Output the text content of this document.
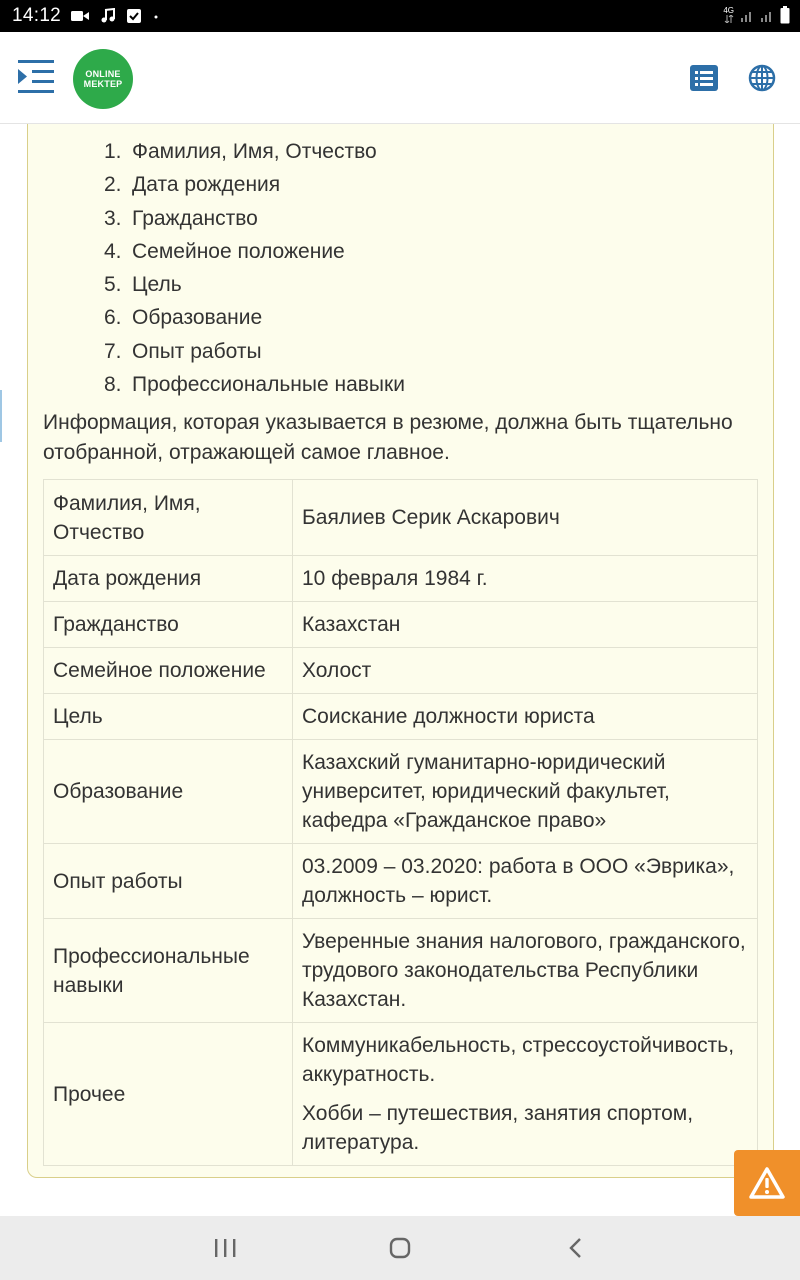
14:12	4G
ONLINE
MEKTEP
1. Фамилия, Имя, Отчество
2. Дата рождения
3. Гражданство
4. Семейное положение
5. Цель
6. Образование
7. Опыт работы
8. Профессиональные навыки

Информация, которая указывается в резюме, должна быть тщательно отобранной, отражающей самое главное.

Фамилия, Имя, Отчество	Баялиев Серик Аскарович
Дата рождения	10 февраля 1984 г.
Гражданство	Казахстан
Семейное положение	Холост
Цель	Соискание должности юриста
Образование	Казахский гуманитарно-юридический университет, юридический факультет, кафедра «Гражданское право»
Опыт работы	03.2009 – 03.2020: работа в ООО «Эврика», должность – юрист.
Профессиональные навыки	Уверенные знания налогового, гражданского, трудового законодательства Республики Казахстан.
Прочее	Коммуникабельность, стрессоустойчивость, аккуратность.

Хобби – путешествия, занятия спортом, литература.
